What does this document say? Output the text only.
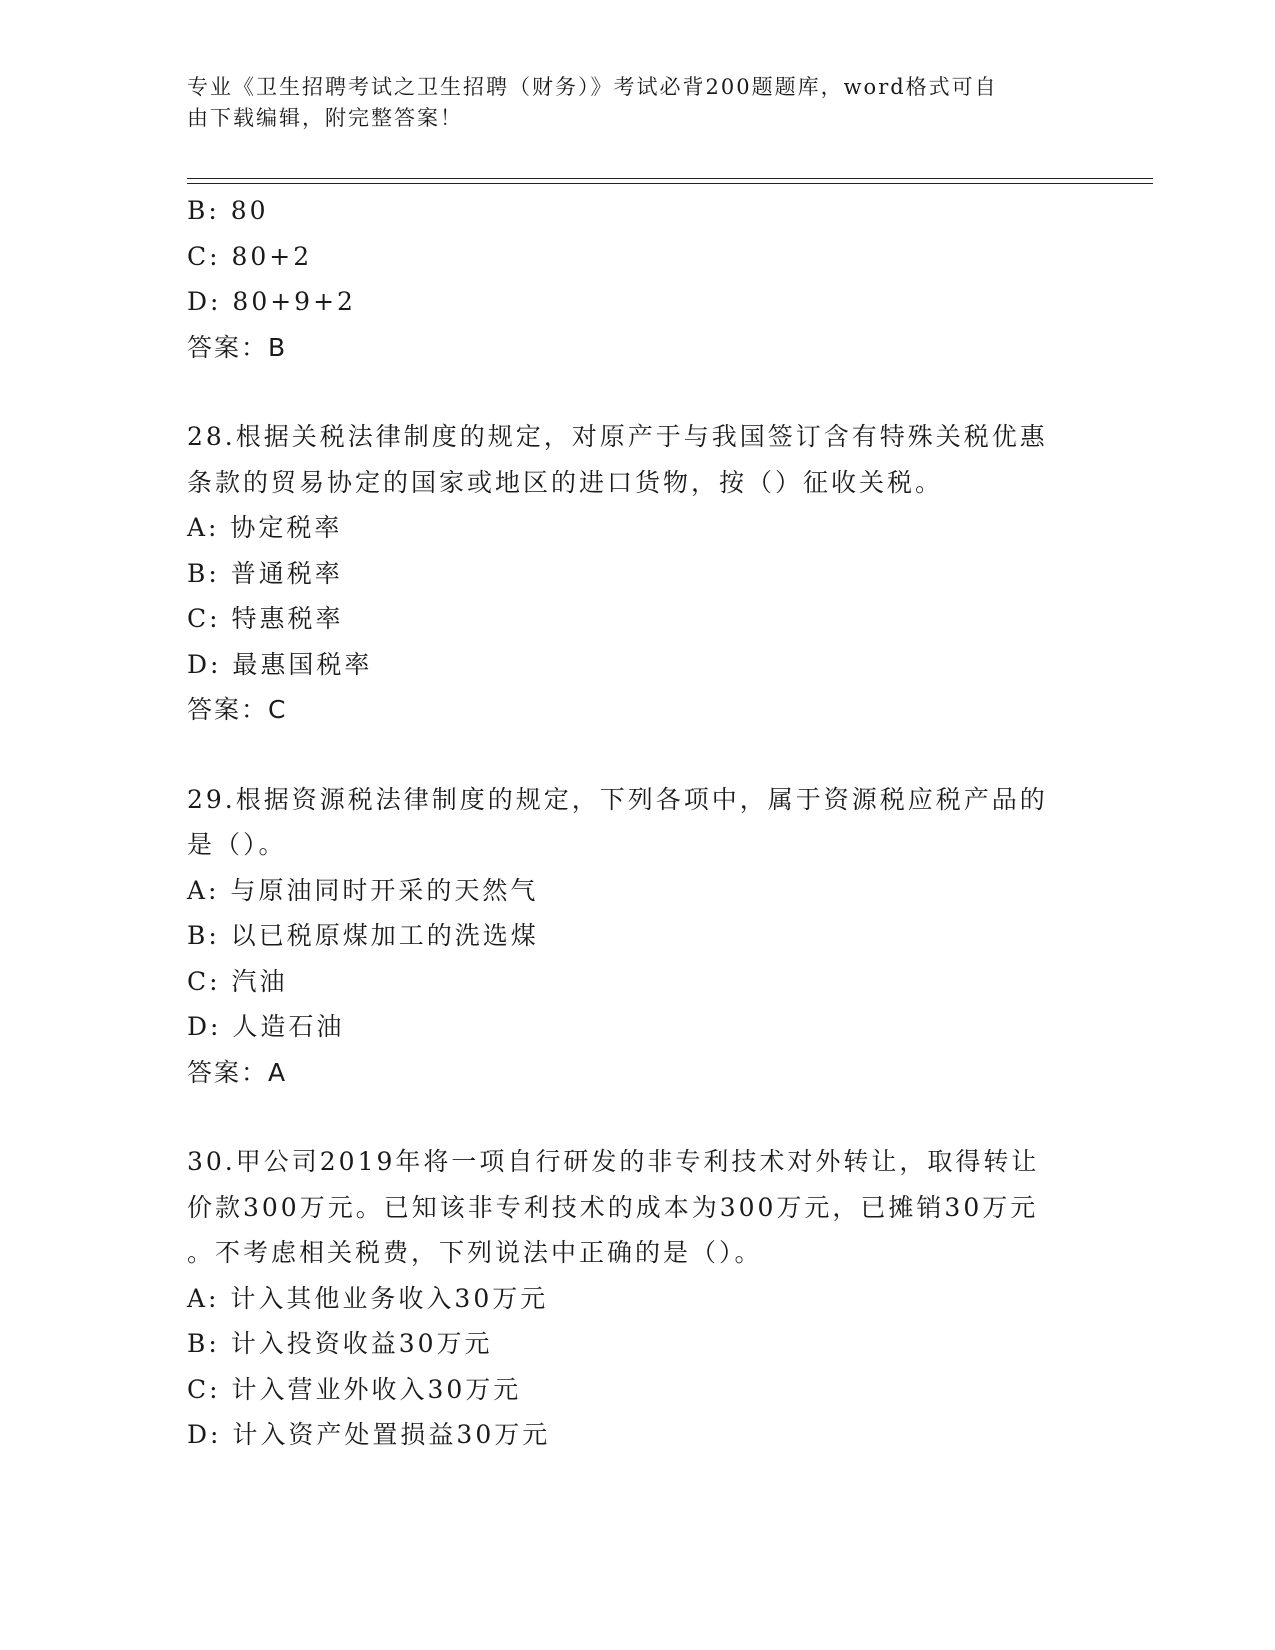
专业《卫生招聘考试之卫生招聘（财务）》考试必背200题题库，word格式可自
由下载编辑，附完整答案！
B: 80
C: 80+2
D: 80+9+2
答案：B
28.根据关税法律制度的规定，对原产于与我国签订含有特殊关税优惠
条款的贸易协定的国家或地区的进口货物，按（）征收关税。
A: 协定税率
B: 普通税率
C: 特惠税率
D: 最惠国税率
答案：C
29.根据资源税法律制度的规定，下列各项中，属于资源税应税产品的
是（）。
A: 与原油同时开采的天然气
B: 以已税原煤加工的洗选煤
C: 汽油
D: 人造石油
答案：A
30.甲公司2019年将一项自行研发的非专利技术对外转让，取得转让
价款300万元。已知该非专利技术的成本为300万元，已摊销30万元
。不考虑相关税费，下列说法中正确的是（）。
A: 计入其他业务收入30万元
B: 计入投资收益30万元
C: 计入营业外收入30万元
D: 计入资产处置损益30万元
